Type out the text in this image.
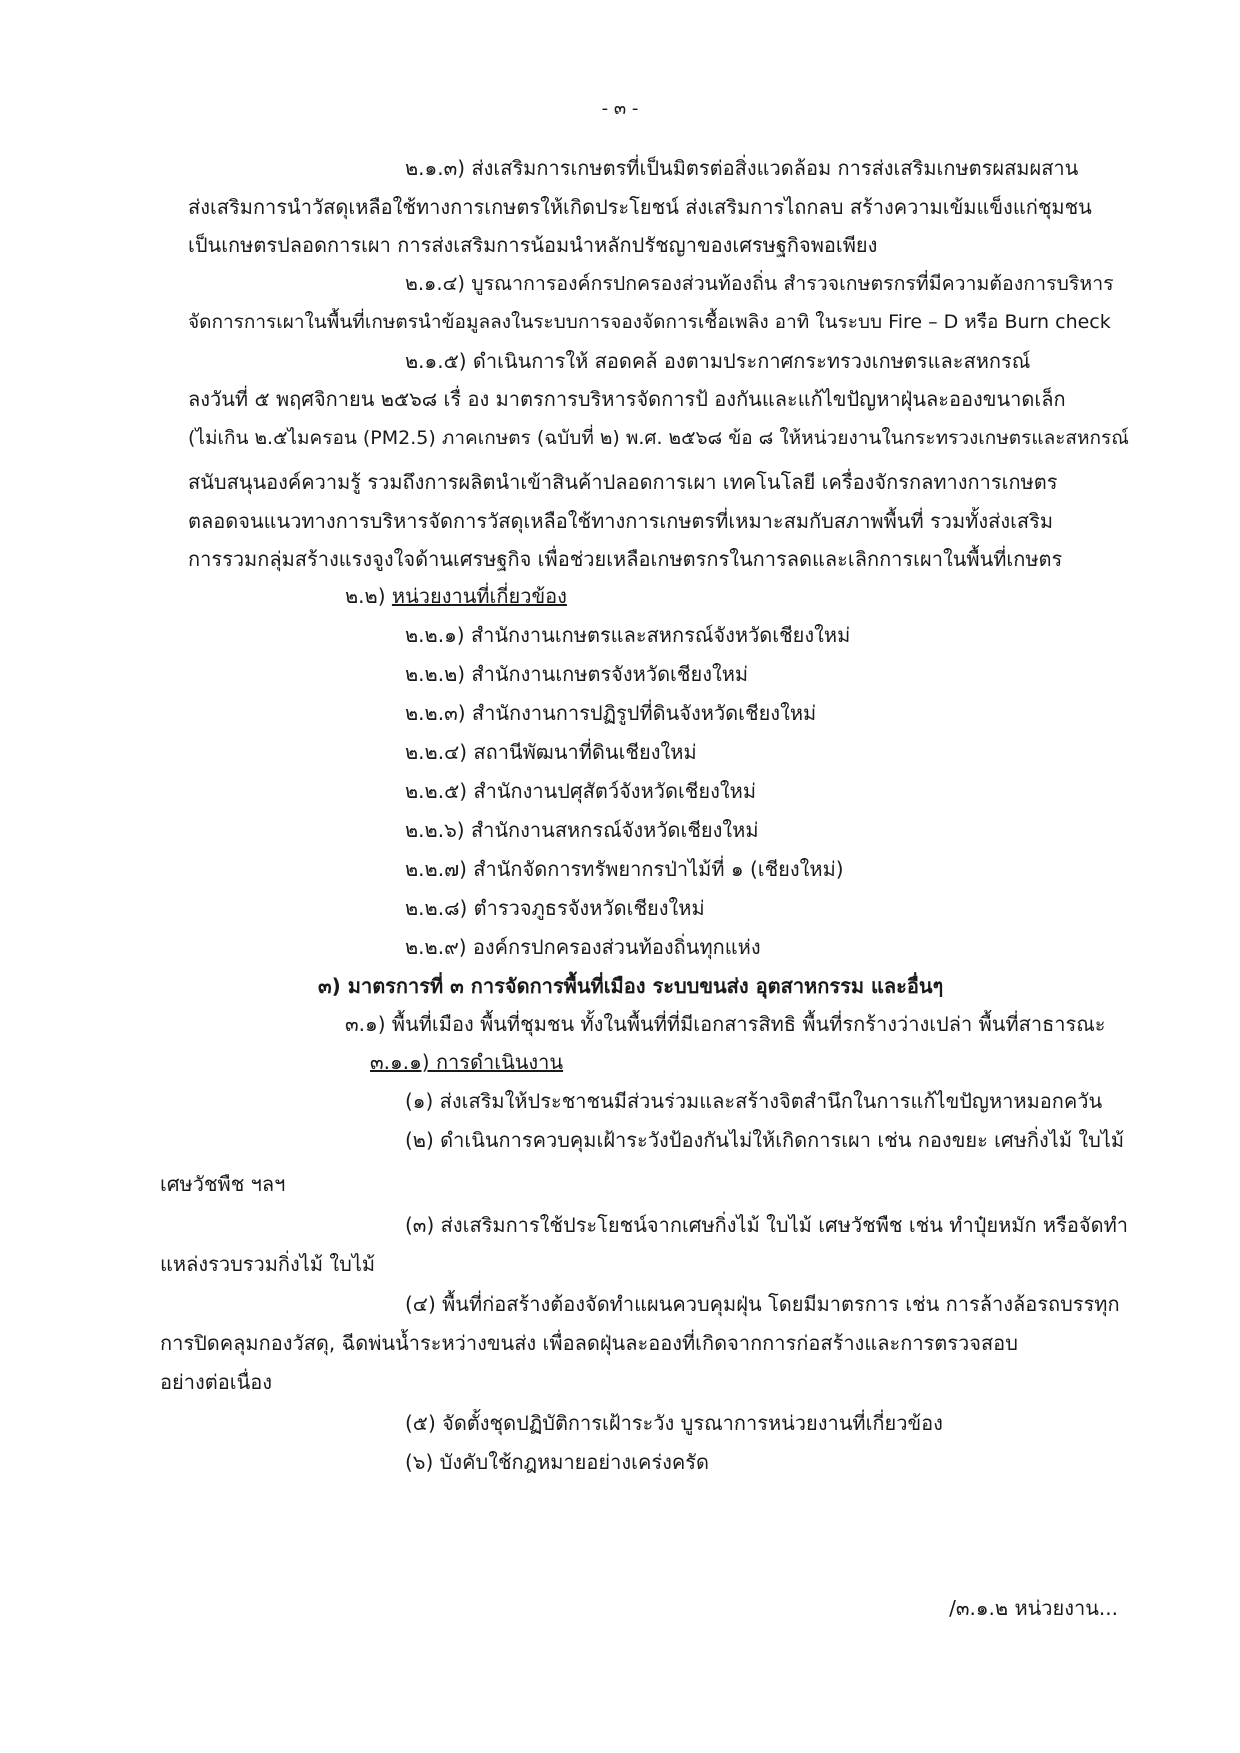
- ๓ -
๒.๑.๓) ส่งเสริมการเกษตรที่เป็นมิตรต่อสิ่งแวดล้อม การส่งเสริมเกษตรผสมผสาน
ส่งเสริมการนำวัสดุเหลือใช้ทางการเกษตรให้เกิดประโยชน์ ส่งเสริมการไถกลบ สร้างความเข้มแข็งแก่ชุมชน
เป็นเกษตรปลอดการเผา การส่งเสริมการน้อมนำหลักปรัชญาของเศรษฐกิจพอเพียง
๒.๑.๔) บูรณาการองค์กรปกครองส่วนท้องถิ่น สำรวจเกษตรกรที่มีความต้องการบริหาร
จัดการการเผาในพื้นที่เกษตรนำข้อมูลลงในระบบการจองจัดการเชื้อเพลิง อาทิ ในระบบ Fire – D หรือ Burn check
๒.๑.๕) ดำเนินการให้ สอดคล้ องตามประกาศกระทรวงเกษตรและสหกรณ์
ลงวันที่ ๕ พฤศจิกายน ๒๕๖๘ เรื่ อง มาตรการบริหารจัดการป้ องกันและแก้ไขปัญหาฝุ่นละอองขนาดเล็ก
(ไม่เกิน ๒.๕ไมครอน (PM2.5) ภาคเกษตร (ฉบับที่ ๒) พ.ศ. ๒๕๖๘ ข้อ ๘ ให้หน่วยงานในกระทรวงเกษตรและสหกรณ์
สนับสนุนองค์ความรู้ รวมถึงการผลิตนำเข้าสินค้าปลอดการเผา เทคโนโลยี เครื่องจักรกลทางการเกษตร
ตลอดจนแนวทางการบริหารจัดการวัสดุเหลือใช้ทางการเกษตรที่เหมาะสมกับสภาพพื้นที่ รวมทั้งส่งเสริม
การรวมกลุ่มสร้างแรงจูงใจด้านเศรษฐกิจ เพื่อช่วยเหลือเกษตรกรในการลดและเลิกการเผาในพื้นที่เกษตร
๒.๒) หน่วยงานที่เกี่ยวข้อง
๒.๒.๑) สำนักงานเกษตรและสหกรณ์จังหวัดเชียงใหม่
๒.๒.๒) สำนักงานเกษตรจังหวัดเชียงใหม่
๒.๒.๓) สำนักงานการปฏิรูปที่ดินจังหวัดเชียงใหม่
๒.๒.๔) สถานีพัฒนาที่ดินเชียงใหม่
๒.๒.๕) สำนักงานปศุสัตว์จังหวัดเชียงใหม่
๒.๒.๖) สำนักงานสหกรณ์จังหวัดเชียงใหม่
๒.๒.๗) สำนักจัดการทรัพยากรป่าไม้ที่ ๑ (เชียงใหม่)
๒.๒.๘) ตำรวจภูธรจังหวัดเชียงใหม่
๒.๒.๙) องค์กรปกครองส่วนท้องถิ่นทุกแห่ง
๓) มาตรการที่ ๓ การจัดการพื้นที่เมือง ระบบขนส่ง อุตสาหกรรม และอื่นๆ
๓.๑) พื้นที่เมือง พื้นที่ชุมชน ทั้งในพื้นที่ที่มีเอกสารสิทธิ พื้นที่รกร้างว่างเปล่า พื้นที่สาธารณะ
๓.๑.๑) การดำเนินงาน
(๑) ส่งเสริมให้ประชาชนมีส่วนร่วมและสร้างจิตสำนึกในการแก้ไขปัญหาหมอกควัน
(๒) ดำเนินการควบคุมเฝ้าระวังป้องกันไม่ให้เกิดการเผา เช่น กองขยะ เศษกิ่งไม้ ใบไม้
เศษวัชพืช ฯลฯ
(๓) ส่งเสริมการใช้ประโยชน์จากเศษกิ่งไม้ ใบไม้ เศษวัชพืช เช่น ทำปุ๋ยหมัก หรือจัดทำ
แหล่งรวบรวมกิ่งไม้ ใบไม้
(๔) พื้นที่ก่อสร้างต้องจัดทำแผนควบคุมฝุ่น โดยมีมาตรการ เช่น การล้างล้อรถบรรทุก
การปิดคลุมกองวัสดุ, ฉีดพ่นน้ำระหว่างขนส่ง เพื่อลดฝุ่นละอองที่เกิดจากการก่อสร้างและการตรวจสอบ
อย่างต่อเนื่อง
(๕) จัดตั้งชุดปฏิบัติการเฝ้าระวัง บูรณาการหน่วยงานที่เกี่ยวข้อง
(๖) บังคับใช้กฎหมายอย่างเคร่งครัด
/๓.๑.๒ หน่วยงาน...
